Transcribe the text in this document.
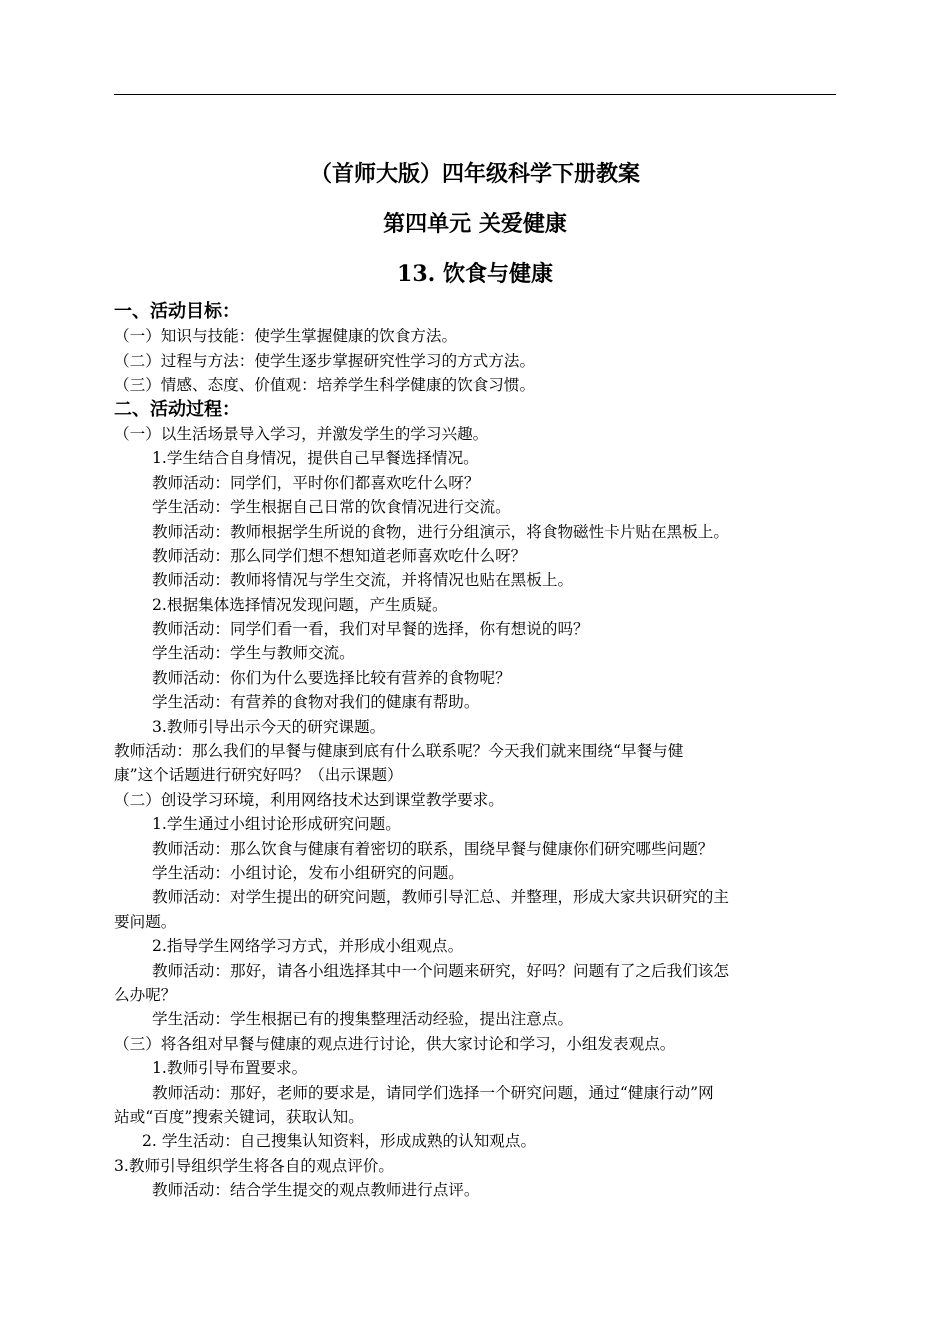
（首师大版）四年级科学下册教案
第四单元 关爱健康
13. 饮食与健康
一、活动目标：
（一）知识与技能：使学生掌握健康的饮食方法。
（二）过程与方法：使学生逐步掌握研究性学习的方式方法。
（三）情感、态度、价值观：培养学生科学健康的饮食习惯。
二、活动过程：
（一）以生活场景导入学习，并激发学生的学习兴趣。
1.学生结合自身情况，提供自己早餐选择情况。
教师活动：同学们，平时你们都喜欢吃什么呀？
学生活动：学生根据自己日常的饮食情况进行交流。
教师活动：教师根据学生所说的食物，进行分组演示，将食物磁性卡片贴在黑板上。
教师活动：那么同学们想不想知道老师喜欢吃什么呀？
教师活动：教师将情况与学生交流，并将情况也贴在黑板上。
2.根据集体选择情况发现问题，产生质疑。
教师活动：同学们看一看，我们对早餐的选择，你有想说的吗？
学生活动：学生与教师交流。
教师活动：你们为什么要选择比较有营养的食物呢？
学生活动：有营养的食物对我们的健康有帮助。
3.教师引导出示今天的研究课题。
教师活动：那么我们的早餐与健康到底有什么联系呢？今天我们就来围绕“早餐与健
康”这个话题进行研究好吗？（出示课题）
（二）创设学习环境，利用网络技术达到课堂教学要求。
1.学生通过小组讨论形成研究问题。
教师活动：那么饮食与健康有着密切的联系，围绕早餐与健康你们研究哪些问题？
学生活动：小组讨论，发布小组研究的问题。
教师活动：对学生提出的研究问题，教师引导汇总、并整理，形成大家共识研究的主
要问题。
2.指导学生网络学习方式，并形成小组观点。
教师活动：那好，请各小组选择其中一个问题来研究，好吗？问题有了之后我们该怎
么办呢？
学生活动：学生根据已有的搜集整理活动经验，提出注意点。
（三）将各组对早餐与健康的观点进行讨论，供大家讨论和学习，小组发表观点。
1.教师引导布置要求。
教师活动：那好，老师的要求是，请同学们选择一个研究问题，通过“健康行动”网
站或“百度”搜索关键词，获取认知。
2. 学生活动：自己搜集认知资料，形成成熟的认知观点。
3.教师引导组织学生将各自的观点评价。
教师活动：结合学生提交的观点教师进行点评。
